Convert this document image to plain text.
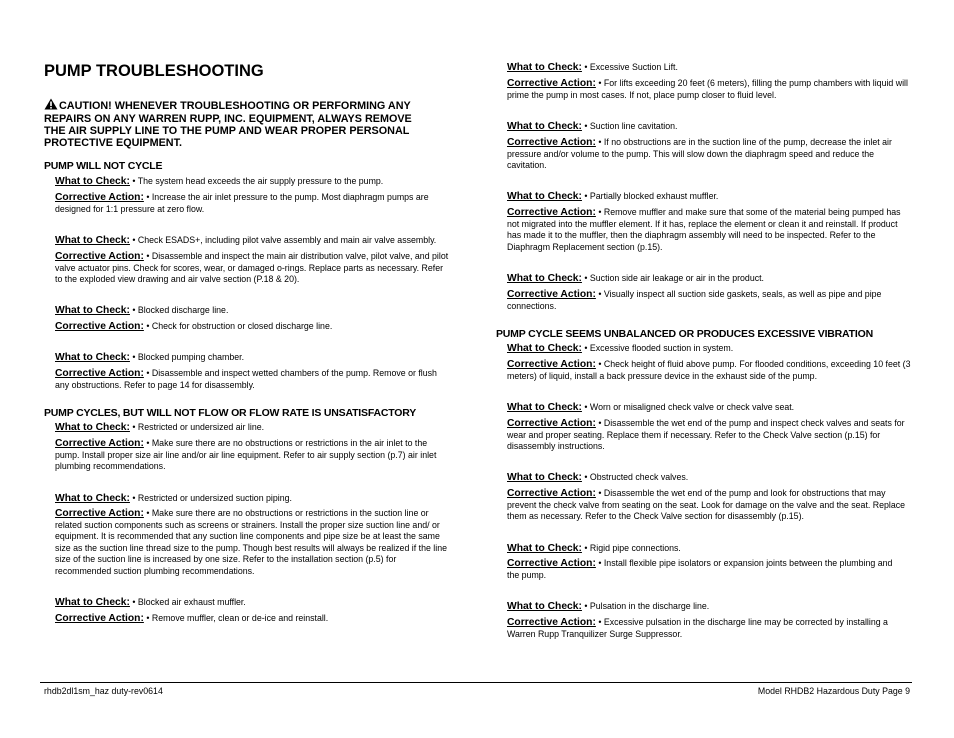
PUMP TROUBLESHOOTING
CAUTION! WHENEVER TROUBLESHOOTING OR PERFORMING ANY REPAIRS ON ANY WARREN RUPP, INC. EQUIPMENT, ALWAYS REMOVE THE AIR SUPPLY LINE TO THE PUMP AND WEAR PROPER PERSONAL PROTECTIVE EQUIPMENT.
PUMP WILL NOT CYCLE
What to Check: • The system head exceeds the air supply pressure to the pump.
Corrective Action: • Increase the air inlet pressure to the pump. Most diaphragm pumps are designed for 1:1 pressure at zero flow.
What to Check: • Check ESADS+, including pilot valve assembly and main air valve assembly.
Corrective Action: • Disassemble and inspect the main air distribution valve, pilot valve, and pilot valve actuator pins. Check for scores, wear, or damaged o-rings. Replace parts as necessary. Refer to the exploded view drawing and air valve section (P.18 & 20).
What to Check: • Blocked discharge line.
Corrective Action: • Check for obstruction or closed discharge line.
What to Check: • Blocked pumping chamber.
Corrective Action: • Disassemble and inspect wetted chambers of the pump. Remove or flush any obstructions. Refer to page 14 for disassembly.
PUMP CYCLES, BUT WILL NOT FLOW OR FLOW RATE IS UNSATISFACTORY
What to Check: • Restricted or undersized air line.
Corrective Action: • Make sure there are no obstructions or restrictions in the air inlet to the pump. Install proper size air line and/or air line equipment. Refer to air supply section (p.7) air inlet plumbing recommendations.
What to Check: • Restricted or undersized suction piping.
Corrective Action: • Make sure there are no obstructions or restrictions in the suction line or related suction components such as screens or strainers. Install the proper size suction line and/ or equipment. It is recommended that any suction line components and pipe size be at least the same size as the suction line thread size to the pump. Though best results will always be realized if the line size of the suction line is increased by one size. Refer to the installation section (p.5) for recommended suction plumbing recommendations.
What to Check: • Blocked air exhaust muffler.
Corrective Action: • Remove muffler, clean or de-ice and reinstall.
What to Check: • Excessive Suction Lift.
Corrective Action: • For lifts exceeding 20 feet (6 meters), filling the pump chambers with liquid will prime the pump in most cases. If not, place pump closer to fluid level.
What to Check: • Suction line cavitation.
Corrective Action: • If no obstructions are in the suction line of the pump, decrease the inlet air pressure and/or volume to the pump. This will slow down the diaphragm speed and reduce the cavitation.
What to Check: • Partially blocked exhaust muffler.
Corrective Action: • Remove muffler and make sure that some of the material being pumped has not migrated into the muffler element. If it has, replace the element or clean it and reinstall. If product has made it to the muffler, then the diaphragm assembly will need to be inspected. Refer to the Diaphragm Replacement section (p.15).
What to Check: • Suction side air leakage or air in the product.
Corrective Action: • Visually inspect all suction side gaskets, seals, as well as pipe and pipe connections.
PUMP CYCLE SEEMS UNBALANCED OR PRODUCES EXCESSIVE VIBRATION
What to Check: • Excessive flooded suction in system.
Corrective Action: • Check height of fluid above pump. For flooded conditions, exceeding 10 feet (3 meters) of liquid, install a back pressure device in the exhaust side of the pump.
What to Check: • Worn or misaligned check valve or check valve seat.
Corrective Action: • Disassemble the wet end of the pump and inspect check valves and seats for wear and proper seating. Replace them if necessary. Refer to the Check Valve section (p.15) for disassembly instructions.
What to Check: • Obstructed check valves.
Corrective Action: • Disassemble the wet end of the pump and look for obstructions that may prevent the check valve from seating on the seat. Look for damage on the valve and the seat. Replace them as necessary. Refer to the Check Valve section for disassembly (p.15).
What to Check: • Rigid pipe connections.
Corrective Action: • Install flexible pipe isolators or expansion joints between the plumbing and the pump.
What to Check: • Pulsation in the discharge line.
Corrective Action: • Excessive pulsation in the discharge line may be corrected by installing a Warren Rupp Tranquilizer Surge Suppressor.
rhdb2dl1sm_haz duty-rev0614	Model RHDB2 Hazardous Duty Page 9
